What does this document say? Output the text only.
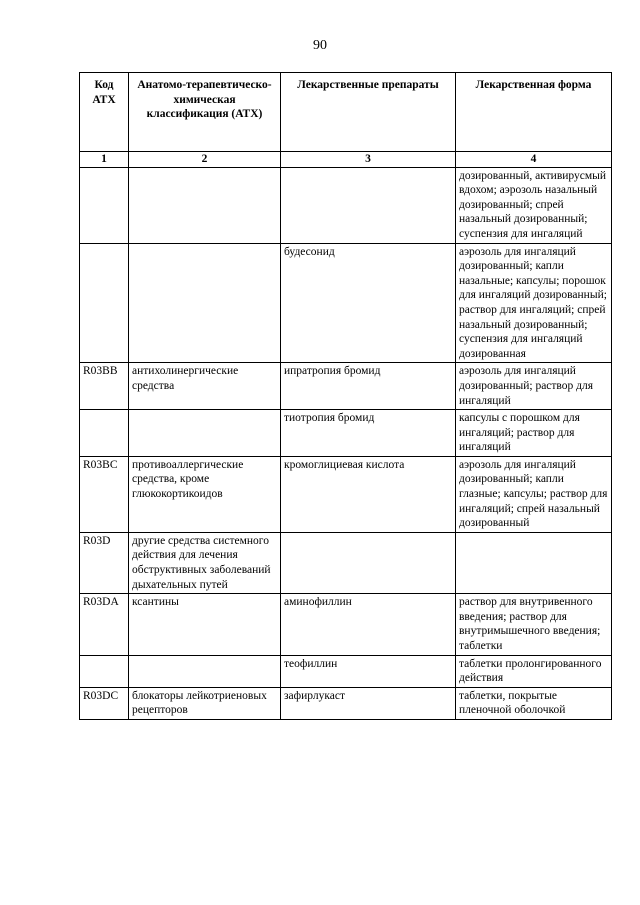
90
Код АТХ	Анатомо-терапевтическо-химическая классификация (АТХ)	Лекарственные препараты	Лекарственная форма
1	2	3	4
			дозированный, активирусмый вдохом; аэрозоль назальный дозированный; спрей назальный дозированный; суспензия для ингаляций
		будесонид	аэрозоль для ингаляций дозированный; капли назальные; капсулы; порошок для ингаляций дозированный; раствор для ингаляций; спрей назальный дозированный; суспензия для ингаляций дозированная
R03BB	антихолинергические средства	ипратропия бромид	аэрозоль для ингаляций дозированный; раствор для ингаляций
		тиотропия бромид	капсулы с порошком для ингаляций; раствор для ингаляций
R03BC	противоаллергические средства, кроме глюкокортикоидов	кромоглициевая кислота	аэрозоль для ингаляций дозированный; капли глазные; капсулы; раствор для ингаляций; спрей назальный дозированный
R03D	другие средства системного действия для лечения обструктивных заболеваний дыхательных путей		
R03DA	ксантины	аминофиллин	раствор для внутривенного введения; раствор для внутримышечного введения; таблетки
		теофиллин	таблетки пролонгированного действия
R03DC	блокаторы лейкотриеновых рецепторов	зафирлукаст	таблетки, покрытые пленочной оболочкой
